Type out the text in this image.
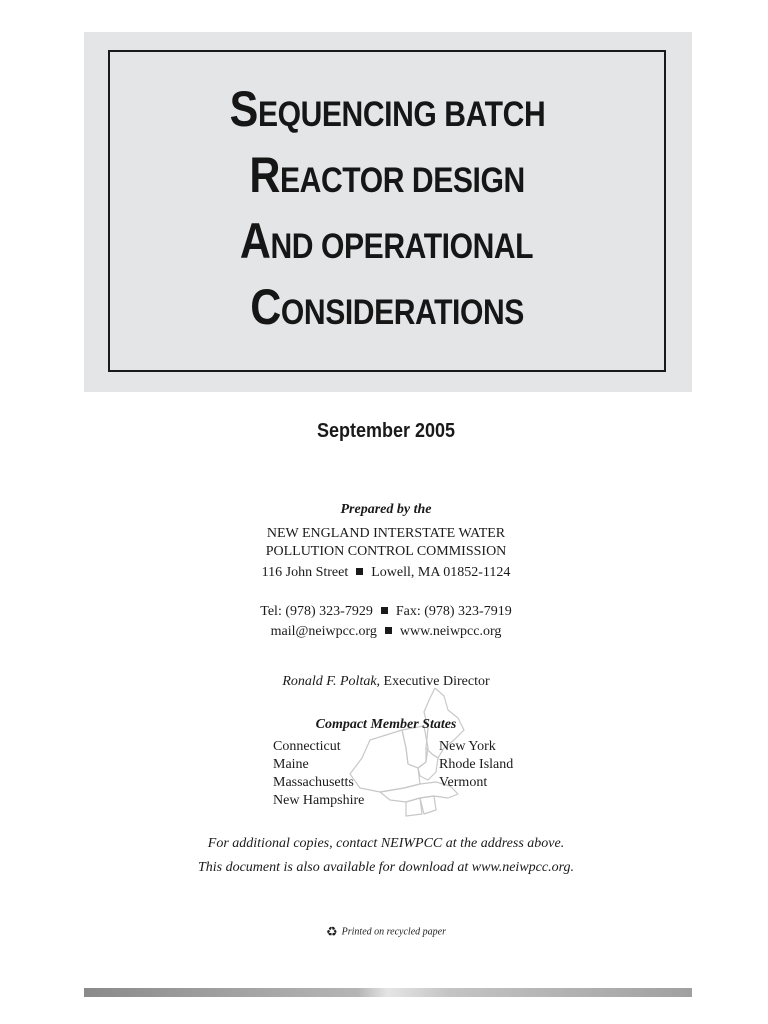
SEQUENCING BATCH
REACTOR DESIGN
AND OPERATIONAL
CONSIDERATIONS
September 2005
Prepared by the
NEW ENGLAND INTERSTATE WATER
POLLUTION CONTROL COMMISSION
116 John Street Lowell, MA 01852-1124
Tel: (978) 323-7929 Fax: (978) 323-7919
mail@neiwpcc.org www.neiwpcc.org
Ronald F. Poltak, Executive Director
Compact Member States
Connecticut
Maine
Massachusetts
New Hampshire
New York
Rhode Island
Vermont
For additional copies, contact NEIWPCC at the address above.
This document is also available for download at www.neiwpcc.org.
♻ Printed on recycled paper
